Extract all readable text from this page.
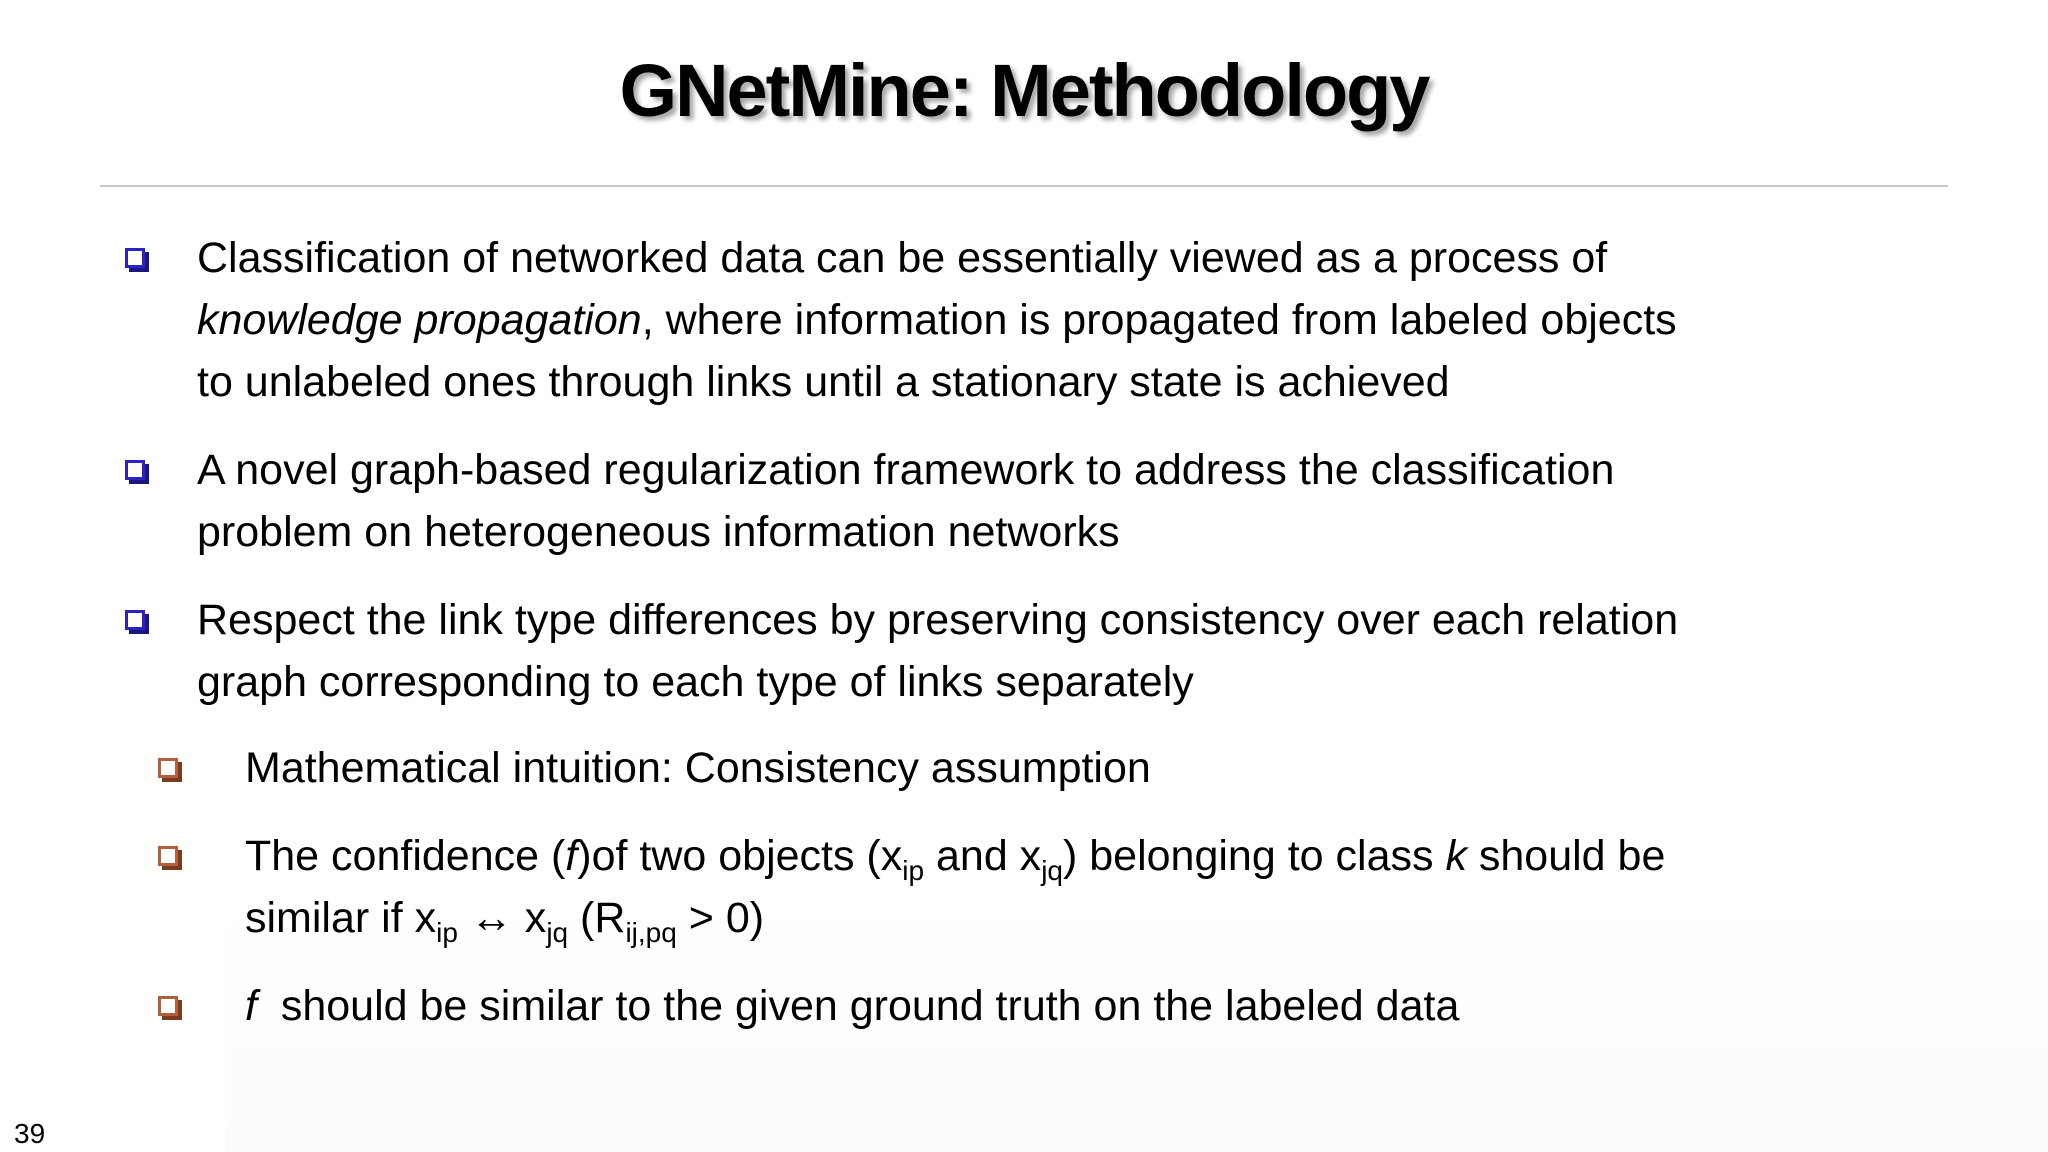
GNetMine: Methodology
Classification of networked data can be essentially viewed as a process of
knowledge propagation, where information is propagated from labeled objects
to unlabeled ones through links until a stationary state is achieved
A novel graph-based regularization framework to address the classification
problem on heterogeneous information networks
Respect the link type differences by preserving consistency over each relation
graph corresponding to each type of links separately
Mathematical intuition: Consistency assumption
The confidence (f)of two objects ($x_{ip}$ and $x_{jq}$) belonging to class k should be
similar if $x_{ip}$ ↔ $x_{jq}$ $(R_{ij,pq} > 0)$
f  should be similar to the given ground truth on the labeled data
39
